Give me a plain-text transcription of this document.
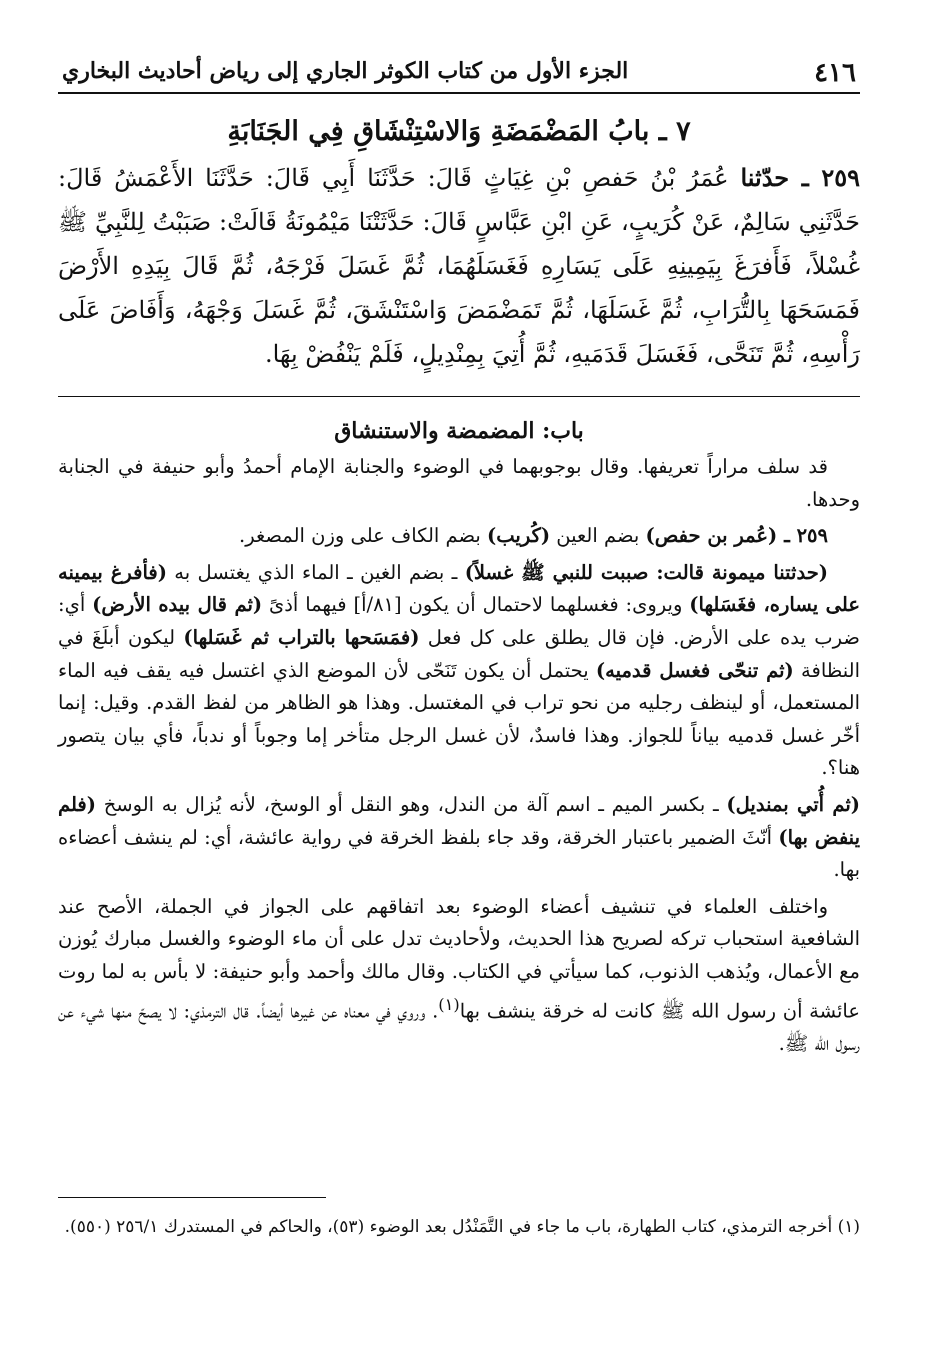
٤١٦
الجزء الأول من كتاب الكوثر الجاري إلى رياض أحاديث البخاري
٧ ـ بابُ المَضْمَضَةِ وَالاسْتِنْشَاقِ فِي الجَنَابَةِ
٢٥٩ ـ حدّثنا عُمَرُ بْنُ حَفصِ بْنِ غِيَاثٍ قَالَ: حَدَّثَنَا أَبِي قَالَ: حَدَّثَنَا الأَعْمَشُ قَالَ: حَدَّثَنِي سَالِمٌ، عَنْ كُرَيبٍ، عَنِ ابْنِ عَبَّاسٍ قَالَ: حَدَّثَتْنَا مَيْمُونَةُ قَالَتْ: صَبَبْتُ لِلنَّبِيِّ ﷺ غُسْلاً، فَأَفرَغَ بِيَمِينِهِ عَلَى يَسَارِهِ فَغَسَلَهُمَا، ثُمَّ غَسَلَ فَرْجَهُ، ثُمَّ قَالَ بِيَدِهِ الأَرْضَ فَمَسَحَهَا بِالتُّرَابِ، ثُمَّ غَسَلَهَا، ثُمَّ تَمَضْمَضَ وَاسْتَنْشَقَ، ثُمَّ غَسَلَ وَجْهَهُ، وَأَفَاضَ عَلَى رَأْسِهِ، ثُمَّ تَنَحَّى، فَغَسَلَ قَدَمَيهِ، ثُمَّ أُتِيَ بِمِنْدِيلٍ، فَلَمْ يَنْفُضْ بِهَا.
باب: المضمضة والاستنشاق

قد سلف مراراً تعريفها. وقال بوجوبهما في الوضوء والجنابة الإمام أحمدُ وأبو حنيفة في الجنابة وحدها.

٢٥٩ ـ (عُمر بن حفص) بضم العين (كُريب) بضم الكاف على وزن المصغر.

(حدثتنا ميمونة قالت: صببت للنبي ﷺ غسلاً) ـ بضم الغين ـ الماء الذي يغتسل به (فأفرغ بيمينه على يساره، فغَسَلها) ويروى: فغسلهما لاحتمال أن يكون [٨١/أ] فيهما أذىً (ثم قال بيده الأرض) أي: ضرب يده على الأرض. فإن قال يطلق على كل فعل (فمَسَحها بالتراب ثم غَسَلها) ليكون أبلَغَ في النظافة (ثم تنحّى فغسل قدميه) يحتمل أن يكون تَنَحّى لأن الموضع الذي اغتسل فيه يقف فيه الماء المستعمل، أو لينظف رجليه من نحو تراب في المغتسل. وهذا هو الظاهر من لفظ القدم. وقيل: إنما أخّر غسل قدميه بياناً للجواز. وهذا فاسدٌ، لأن غسل الرجل متأخر إما وجوباً أو ندباً، فأي بيان يتصور هنا؟.

(ثم أُتي بمنديل) ـ بكسر الميم ـ اسم آلة من الندل، وهو النقل أو الوسخ، لأنه يُزال به الوسخ (فلم ينفض بها) أنّثَ الضمير باعتبار الخرقة، وقد جاء بلفظ الخرقة في رواية عائشة، أي: لم ينشف أعضاءه بها.

واختلف العلماء في تنشيف أعضاء الوضوء بعد اتفاقهم على الجواز في الجملة، الأصح عند الشافعية استحباب تركه لصريح هذا الحديث، ولأحاديث تدل على أن ماء الوضوء والغسل مبارك يُوزن مع الأعمال، ويُذهب الذنوب، كما سيأتي في الكتاب. وقال مالك وأحمد وأبو حنيفة: لا بأس به لما روت عائشة أن رسول الله ﷺ كانت له خرقة ينشف بها$^{(١)}$. وروي في معناه عن غيرها أيضاً. قال الترمذي: لا يصحّ منها شيء عن رسول الله ﷺ.

(١) أخرجه الترمذي، كتاب الطهارة، باب ما جاء في التَّمَنْدُل بعد الوضوء (٥٣)، والحاكم في المستدرك ٢٥٦/١ (٥٥٠).
